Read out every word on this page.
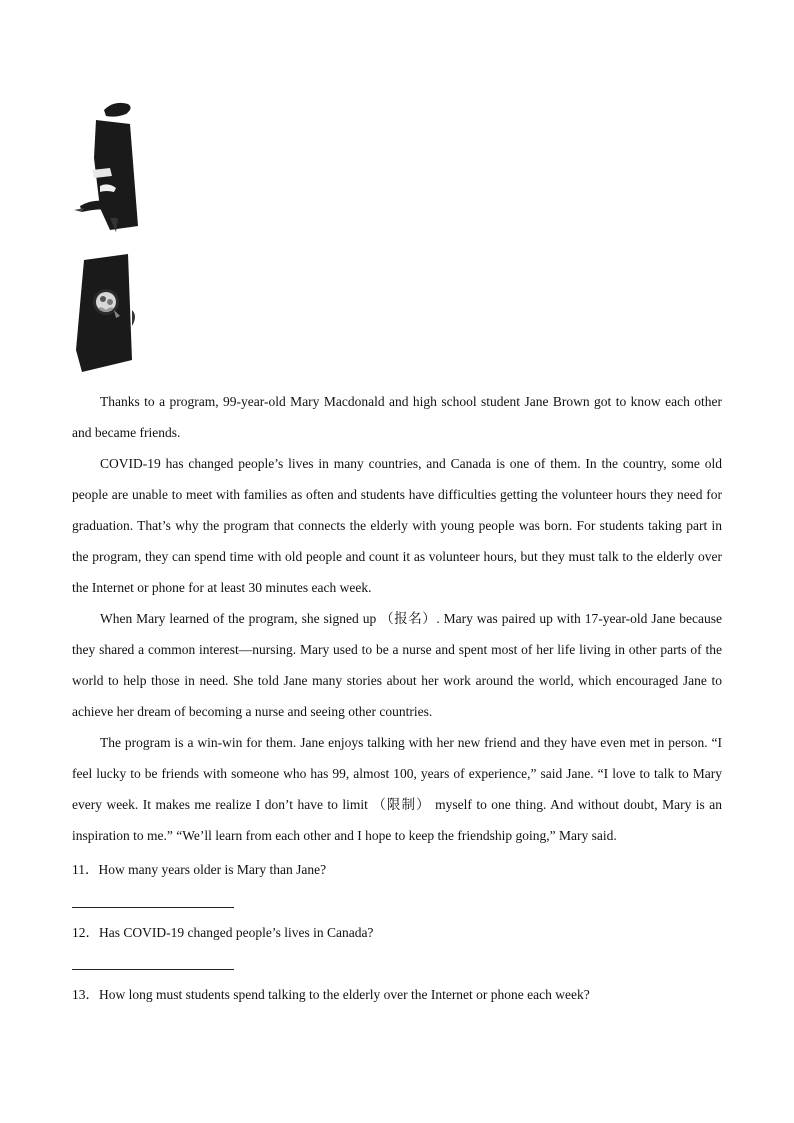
Thanks to a program, 99-year-old Mary Macdonald and high school student Jane Brown got to know each other and became friends.

COVID-19 has changed people’s lives in many countries, and Canada is one of them. In the country, some old people are unable to meet with families as often and students have difficulties getting the volunteer hours they need for graduation. That’s why the program that connects the elderly with young people was born. For students taking part in the program, they can spend time with old people and count it as volunteer hours, but they must talk to the elderly over the Internet or phone for at least 30 minutes each week.

When Mary learned of the program, she signed up （报名）. Mary was paired up with 17-year-old Jane because they shared a common interest—nursing. Mary used to be a nurse and spent most of her life living in other parts of the world to help those in need. She told Jane many stories about her work around the world, which encouraged Jane to achieve her dream of becoming a nurse and seeing other countries.

The program is a win-win for them. Jane enjoys talking with her new friend and they have even met in person. “I feel lucky to be friends with someone who has 99, almost 100, years of experience,” said Jane. “I love to talk to Mary every week. It makes me realize I don’t have to limit （限制） myself to one thing. And without doubt, Mary is an inspiration to me.” “We’ll learn from each other and I hope to keep the friendship going,” Mary said.

11．How many years older is Mary than Jane?

12．Has COVID-19 changed people’s lives in Canada?

13．How long must students spend talking to the elderly over the Internet or phone each week?
